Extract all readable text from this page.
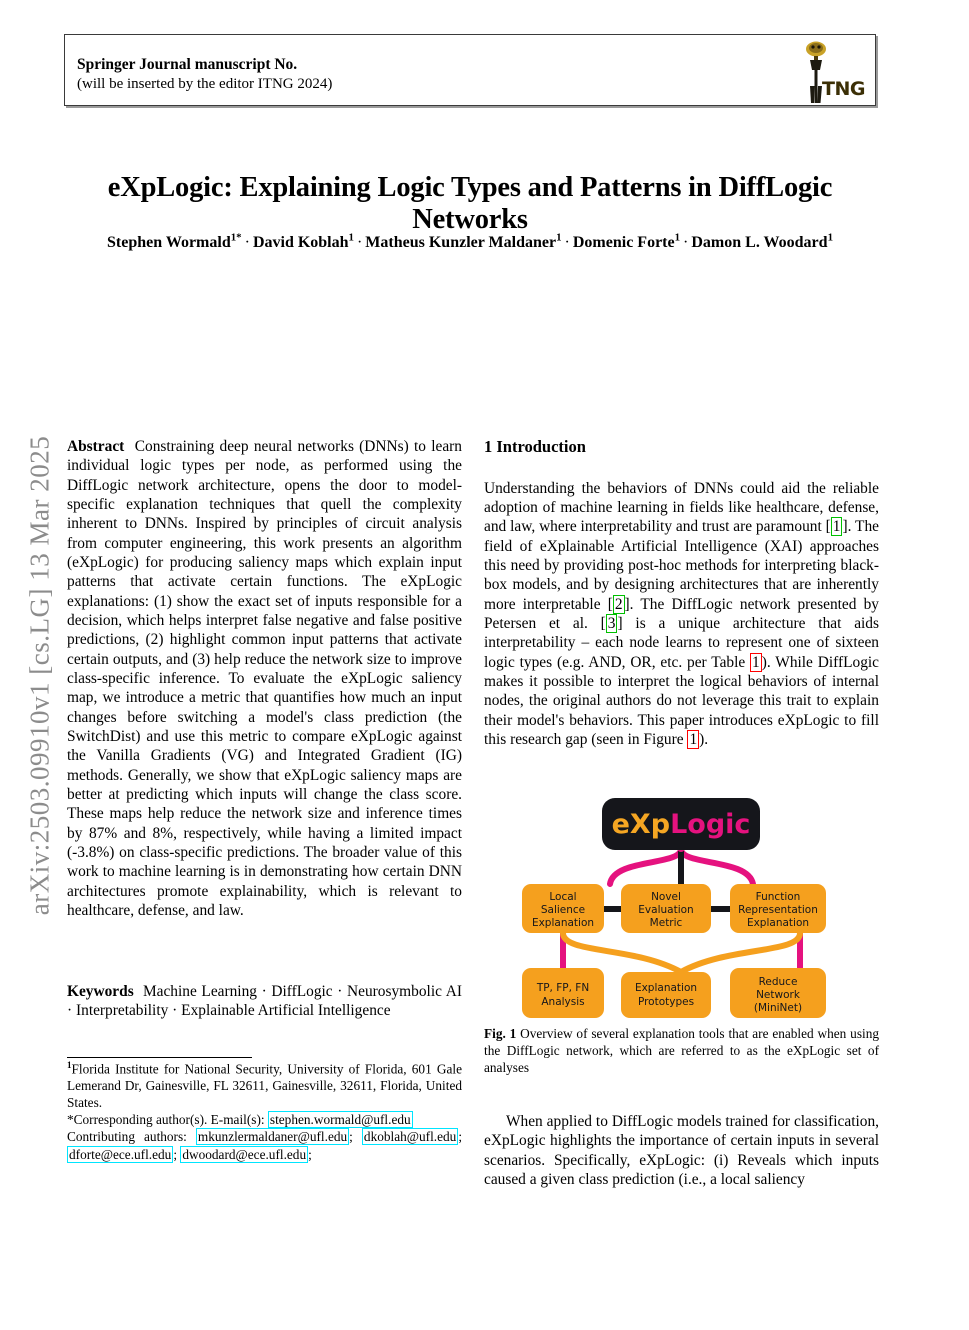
arXiv:2503.09910v1 [cs.LG] 13 Mar 2025
Springer Journal manuscript No.
(will be inserted by the editor ITNG 2024)	TNG
eXpLogic: Explaining Logic Types and Patterns in DiffLogic Networks
Stephen Wormald$^{1*}$ · David Koblah$^1$ · Matheus Kunzler Maldaner$^1$ · Domenic Forte$^1$ · Damon L. Woodard$^1$
Abstract Constraining deep neural networks (DNNs) to learn individual logic types per node, as performed using the DiffLogic network architecture, opens the door to model-specific explanation techniques that quell the complexity inherent to DNNs. Inspired by principles of circuit analysis from computer engineering, this work presents an algorithm (eXpLogic) for producing saliency maps which explain input patterns that activate certain functions. The eXpLogic explanations: (1) show the exact set of inputs responsible for a decision, which helps interpret false negative and false positive predictions, (2) highlight common input patterns that activate certain outputs, and (3) help reduce the network size to improve class-specific inference. To evaluate the eXpLogic saliency map, we introduce a metric that quantifies how much an input changes before switching a model's class prediction (the SwitchDist) and use this metric to compare eXpLogic against the Vanilla Gradients (VG) and Integrated Gradient (IG) methods. Generally, we show that eXpLogic saliency maps are better at predicting which inputs will change the class score. These maps help reduce the network size and inference times by 87% and 8%, respectively, while having a limited impact (-3.8%) on class-specific predictions. The broader value of this work to machine learning is in demonstrating how certain DNN architectures promote explainability, which is relevant to healthcare, defense, and law.
Keywords Machine Learning · DiffLogic · Neurosymbolic AI · Interpretability · Explainable Artificial Intelligence
$^1$Florida Institute for National Security, University of Florida, 601 Gale Lemerand Dr, Gainesville, FL 32611, Gainesville, 32611, Florida, United States.
*Corresponding author(s). E-mail(s): stephen.wormald@ufl.edu
Contributing authors: mkunzlermaldaner@ufl.edu ; dkoblah@ufl.edu ; dforte@ece.ufl.edu ; dwoodard@ece.ufl.edu ;
1 Introduction
Understanding the behaviors of DNNs could aid the reliable adoption of machine learning in fields like healthcare, defense, and law, where interpretability and trust are paramount [ 1 ]. The field of eXplainable Artificial Intelligence (XAI) approaches this need by providing post-hoc methods for interpreting black-box models, and by designing architectures that are inherently more interpretable [ 2 ]. The DiffLogic network presented by Petersen et al. [ 3 ] is a unique architecture that aids interpretability – each node learns to represent one of sixteen logic types (e.g. AND, OR, etc. per Table 1 ). While DiffLogic makes it possible to interpret the logical behaviors of internal nodes, the original authors do not leverage this trait to explain their model's behaviors. This paper introduces eXpLogic to fill this research gap (seen in Figure 1 ).
eXpLogic
Local
Salience
Explanation
Novel
Evaluation
Metric
Function
Representation
Explanation
TP, FP, FN
Analysis
Explanation
Prototypes
Reduce
Network
(MiniNet)
Fig. 1 Overview of several explanation tools that are enabled when using the DiffLogic network, which are referred to as the eXpLogic set of analyses
When applied to DiffLogic models trained for classification, eXpLogic highlights the importance of certain inputs in several scenarios. Specifically, eXpLogic: (i) Reveals which inputs caused a given class prediction (i.e., a local saliency
